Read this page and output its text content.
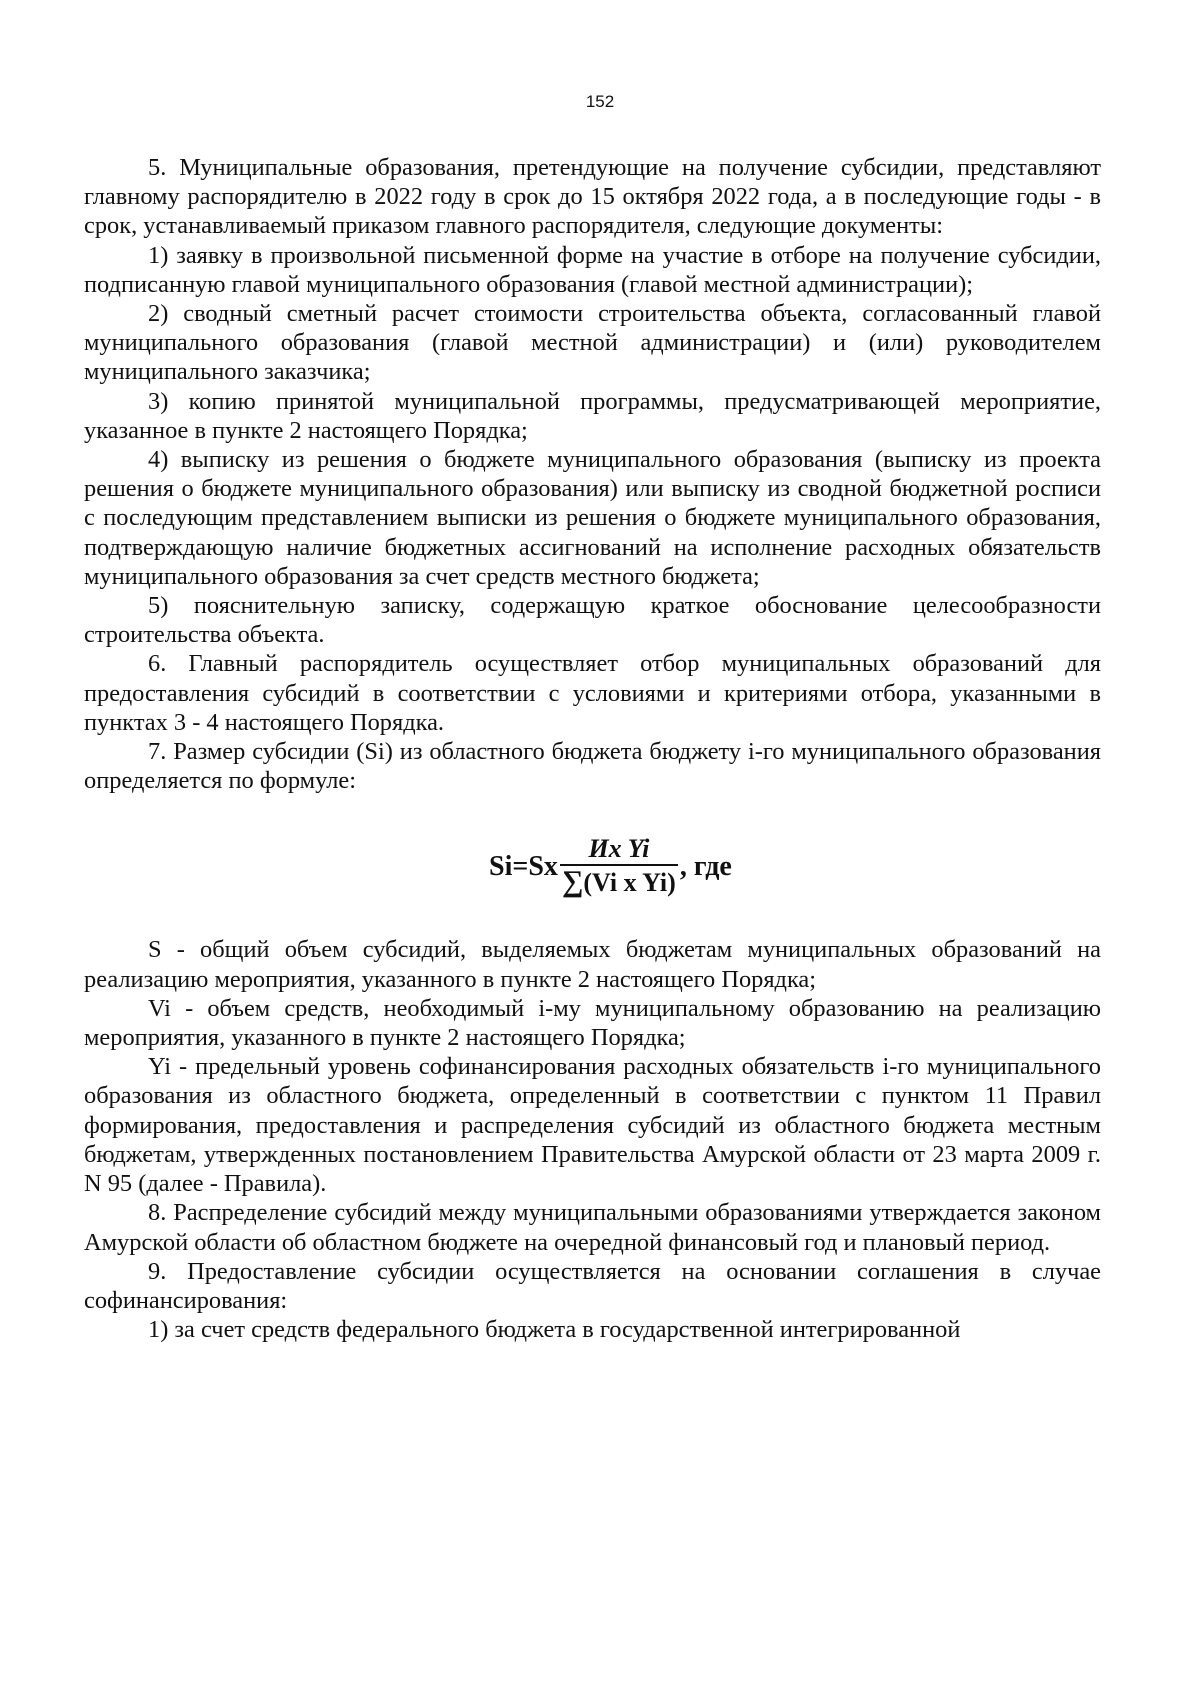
152

5. Муниципальные образования, претендующие на получение субсидии, представляют главному распорядителю в 2022 году в срок до 15 октября 2022 года, а в последующие годы - в срок, устанавливаемый приказом главного распорядителя, следующие документы:

1) заявку в произвольной письменной форме на участие в отборе на получение субсидии, подписанную главой муниципального образования (главой местной администрации);

2) сводный сметный расчет стоимости строительства объекта, согласованный главой муниципального образования (главой местной администрации) и (или) руководителем муниципального заказчика;

3) копию принятой муниципальной программы, предусматривающей мероприятие, указанное в пункте 2 настоящего Порядка;

4) выписку из решения о бюджете муниципального образования (выписку из проекта решения о бюджете муниципального образования) или выписку из сводной бюджетной росписи с последующим представлением выписки из решения о бюджете муниципального образования, подтверждающую наличие бюджетных ассигнований на исполнение расходных обязательств муниципального образования за счет средств местного бюджета;

5) пояснительную записку, содержащую краткое обоснование целесообразности строительства объекта.

6. Главный распорядитель осуществляет отбор муниципальных образований для предоставления субсидий в соответствии с условиями и критериями отбора, указанными в пунктах 3 - 4 настоящего Порядка.

7. Размер субсидии (Si) из областного бюджета бюджету i-го муниципального образования определяется по формуле:

Si = Sx $\frac{\text{Иx Yi}}{\text{∑(Vi x Yi)}}$ , где

S - общий объем субсидий, выделяемых бюджетам муниципальных образований на реализацию мероприятия, указанного в пункте 2 настоящего Порядка;

Vi - объем средств, необходимый i-му муниципальному образованию на реализацию мероприятия, указанного в пункте 2 настоящего Порядка;

Yi - предельный уровень софинансирования расходных обязательств i-го муниципального образования из областного бюджета, определенный в соответствии с пунктом 11 Правил формирования, предоставления и распределения субсидий из областного бюджета местным бюджетам, утвержденных постановлением Правительства Амурской области от 23 марта 2009 г. N 95 (далее - Правила).

8. Распределение субсидий между муниципальными образованиями утверждается законом Амурской области об областном бюджете на очередной финансовый год и плановый период.

9. Предоставление субсидии осуществляется на основании соглашения в случае софинансирования:

1) за счет средств федерального бюджета в государственной интегрированной
